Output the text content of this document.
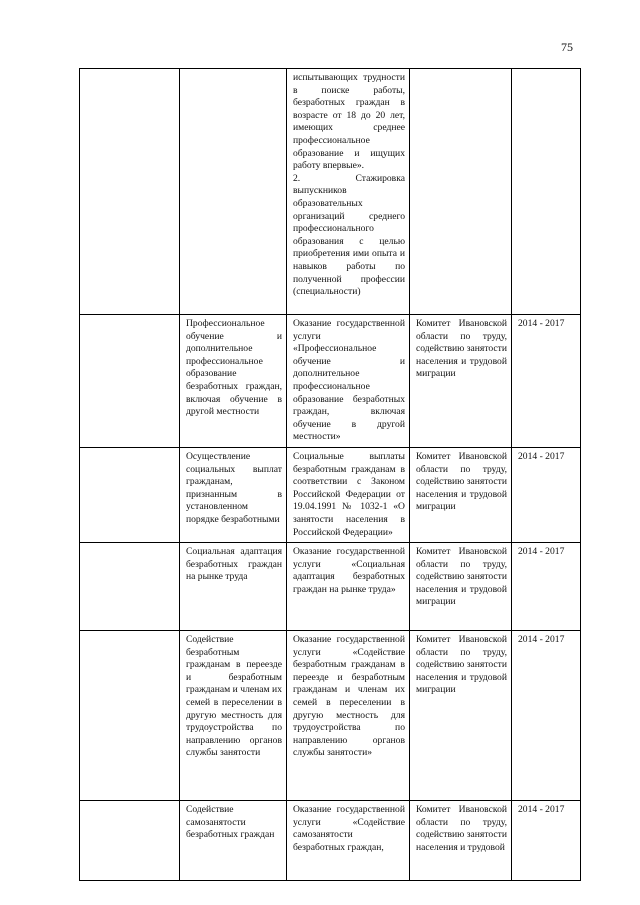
75

		испытывающих трудности в поиске работы, безработных граждан в возрасте от 18 до 20 лет, имеющих среднее профессиональное образование и ищущих работу впервые».

2. Стажировка выпускников образовательных организаций среднего профессионального образования с целью приобретения ими опыта и навыков работы по полученной профессии (специальности)		

	Профессиональное обучение и дополнительное профессиональное образование безработных граждан, включая обучение в другой местности	Оказание государственной услуги «Профессиональное обучение и дополнительное профессиональное образование безработных граждан, включая обучение в другой местности»	Комитет Ивановской области по труду, содействию занятости населения и трудовой миграции	2014 - 2017
	Осуществление социальных выплат гражданам, признанным в установленном порядке безработными	Социальные выплаты безработным гражданам в соответствии с Законом Российской Федерации от 19.04.1991 № 1032-1 «О занятости населения в Российской Федерации»	Комитет Ивановской области по труду, содействию занятости населения и трудовой миграции	2014 - 2017
	Социальная адаптация безработных граждан на рынке труда	Оказание государственной услуги «Социальная адаптация безработных граждан на рынке труда»	Комитет Ивановской области по труду, содействию занятости населения и трудовой миграции	2014 - 2017
	Содействие безработным гражданам в переезде и безработным гражданам и членам их семей в переселении в другую местность для трудоустройства по направлению органов службы занятости	Оказание государственной услуги «Содействие безработным гражданам в переезде и безработным гражданам и членам их семей в переселении в другую местность для трудоустройства по направлению органов службы занятости»	Комитет Ивановской области по труду, содействию занятости населения и трудовой миграции	2014 - 2017
	Содействие самозанятости безработных граждан	Оказание государственной услуги «Содействие самозанятости безработных граждан,	Комитет Ивановской области по труду, содействию занятости населения и трудовой	2014 - 2017
